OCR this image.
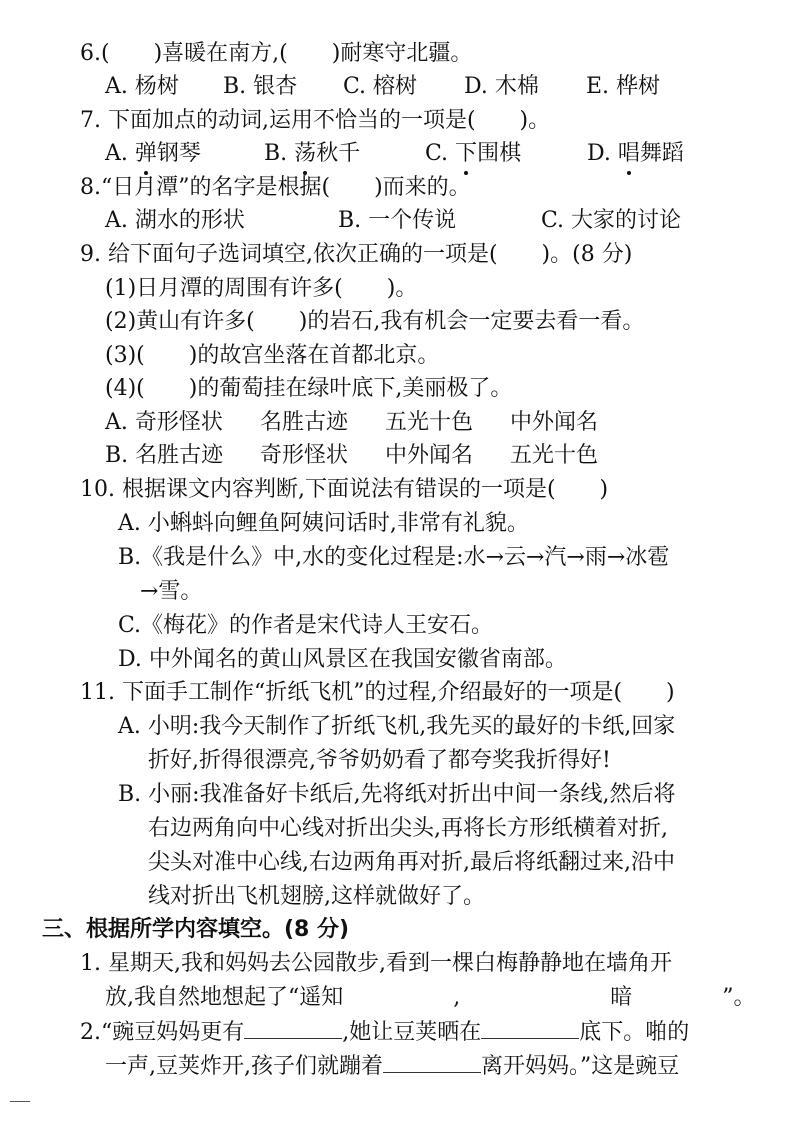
6.(　　)喜暖在南方,(　　)耐寒守北疆。
A. 杨树 B. 银杏 C. 榕树 D. 木棉 E. 桦树
7. 下面加点的动词,运用不恰当的一项是(　　)。
A. 弹钢琴	B. 荡秋千	C. 下围棋	D. 唱舞蹈
8.“日月潭”的名字是根据(　　)而来的。
A. 湖水的形状	B. 一个传说	C. 大家的讨论
9. 给下面句子选词填空,依次正确的一项是(　　)。(8 分)
(1)日月潭的周围有许多(　　)。
(2)黄山有许多(　　)的岩石,我有机会一定要去看一看。
(3)(　　)的故宫坐落在首都北京。
(4)(　　)的葡萄挂在绿叶底下,美丽极了。
A. 奇形怪状 名胜古迹 五光十色 中外闻名
B. 名胜古迹 奇形怪状 中外闻名 五光十色
10. 根据课文内容判断,下面说法有错误的一项是(　　)
A. 小蝌蚪向鲤鱼阿姨问话时,非常有礼貌。
B.《我是什么》中,水的变化过程是:水→云→汽→雨→冰雹
→雪。
C.《梅花》的作者是宋代诗人王安石。
D. 中外闻名的黄山风景区在我国安徽省南部。
11. 下面手工制作“折纸飞机”的过程,介绍最好的一项是(　　)
A. 小明:我今天制作了折纸飞机,我先买的最好的卡纸,回家
折好,折得很漂亮,爷爷奶奶看了都夸奖我折得好!
B. 小丽:我准备好卡纸后,先将纸对折出中间一条线,然后将
右边两角向中心线对折出尖头,再将长方形纸横着对折,
尖头对准中心线,右边两角再对折,最后将纸翻过来,沿中
线对折出飞机翅膀,这样就做好了。
三、根据所学内容填空。(8 分)
1. 星期天,我和妈妈去公园散步,看到一棵白梅静静地在墙角开
放,我自然地想起了“遥知	,	暗	”。
2.“豌豆妈妈更有	,她让豆荚晒在	底下。啪的
一声,豆荚炸开,孩子们就蹦着	离开妈妈。”这是豌豆
